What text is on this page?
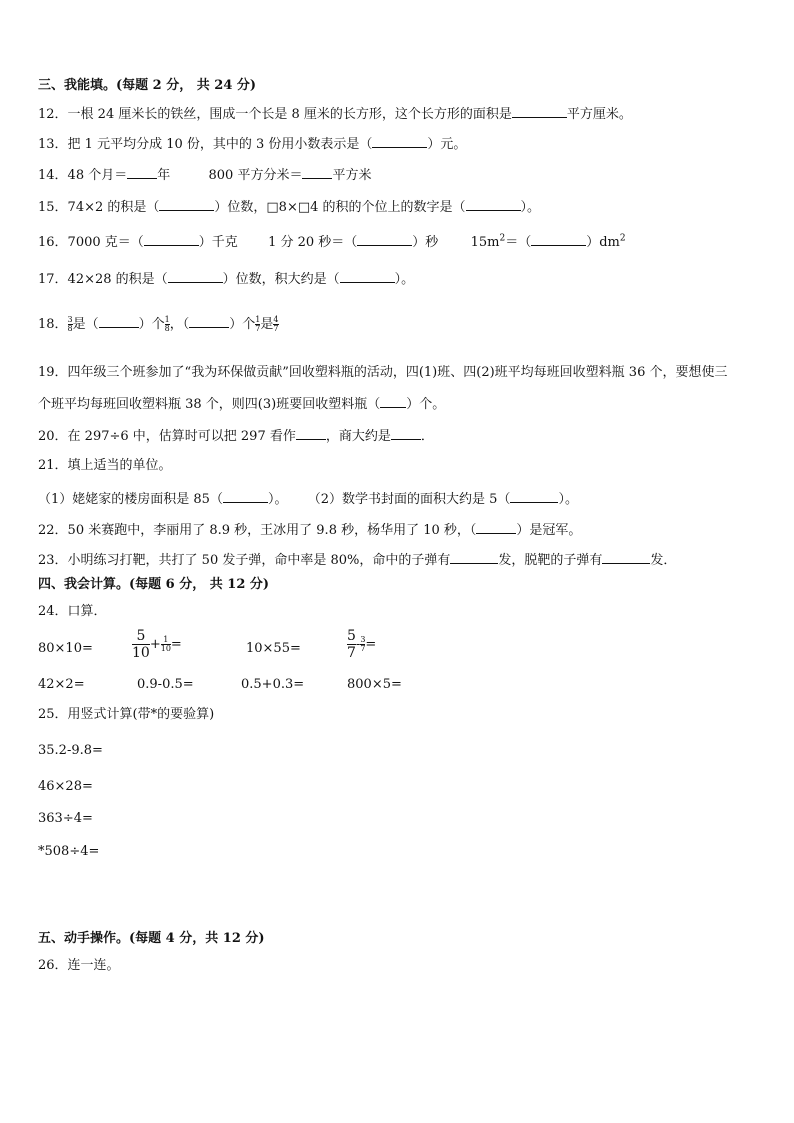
三、我能填。(每题 2 分， 共 24 分)
12．一根 24 厘米长的铁丝，围成一个长是 8 厘米的长方形，这个长方形的面积是	平方厘米。
13．把 1 元平均分成 10 份，其中的 3 份用小数表示是（	）元。
14．48 个月＝ 年	800 平方分米＝ 平方米
15．74×2 的积是（	）位数，□8×□4 的积的个位上的数字是（	）。
16．7000 克＝（	）千克 1 分 20 秒＝（	）秒 $15m^2=$（	）$dm^2$
17．42×28 的积是（	）位数，积大约是（	）。
18． $\frac{3}{8}$ 是（	）个 $\frac{1}{8}$ ，（	）个 $\frac{1}{7}$ 是 $\frac{4}{7}$
19．四年级三个班参加了“我为环保做贡献”回收塑料瓶的活动，四(1)班、四(2)班平均每班回收塑料瓶 36 个，要想使三
个班平均每班回收塑料瓶 38 个，则四(3)班要回收塑料瓶（ ）个。
20．在 297÷6 中，估算时可以把 297 看作 ，商大约是 ．
21．填上适当的单位。
（1）姥姥家的楼房面积是 85（	）。 （2）数学书封面的面积大约是 5（	）。
22．50 米赛跑中，李丽用了 8.9 秒，王冰用了 9.8 秒，杨华用了 10 秒，（	）是冠军。
23．小明练习打靶，共打了 50 发子弹，命中率是 80%，命中的子弹有	发，脱靶的子弹有	发．
四、我会计算。(每题 6 分， 共 12 分)
24．口算．
80×10=	$\frac{5}{10} + \frac{1}{10}$ =	10×55=	$\frac{5}{7} - \frac{3}{7}$ =
42×2=	0.9-0.5=	0.5+0.3=	800×5=
25．用竖式计算(带*的要验算)
35.2-9.8=
46×28=
363÷4=
*508÷4=
五、动手操作。(每题 4 分，共 12 分)
26．连一连。
